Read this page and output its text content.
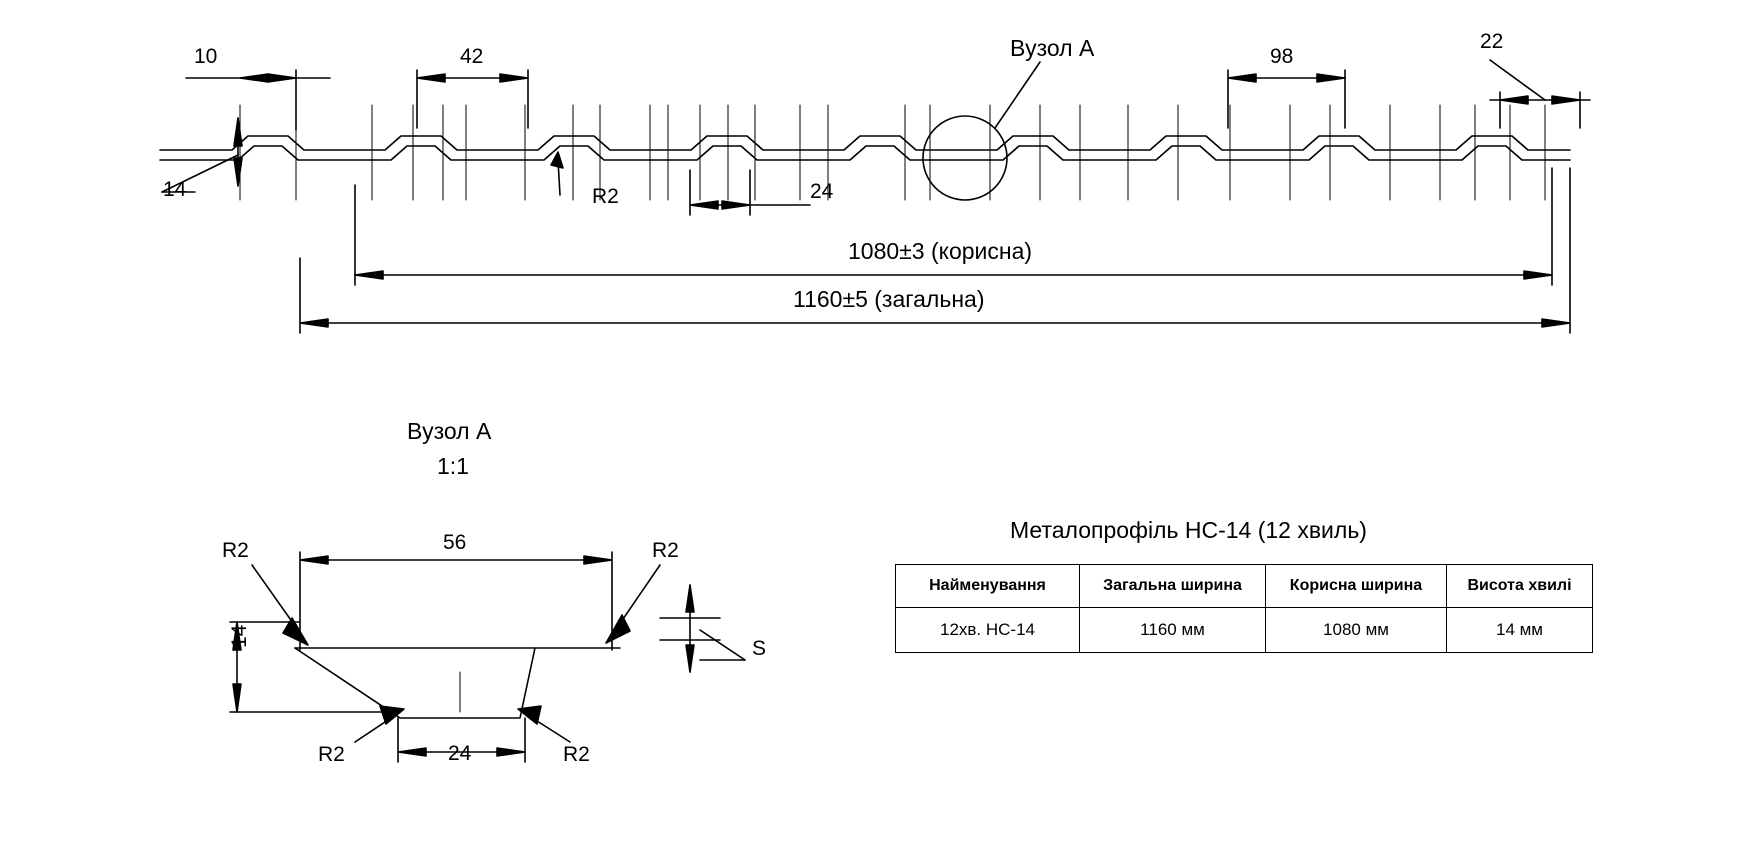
10	42	98
22
14	24
R2
Вузол А
1080±3 (корисна)
1160±5 (загальна)
Вузол А
1:1
R2	R2
R2	R2
56
14
24
S
Металопрофіль НС-14 (12 хвиль)
Найменування	Загальна ширина	Корисна ширина	Висота хвилі
12хв. НС-14	1160 мм	1080 мм	14 мм
